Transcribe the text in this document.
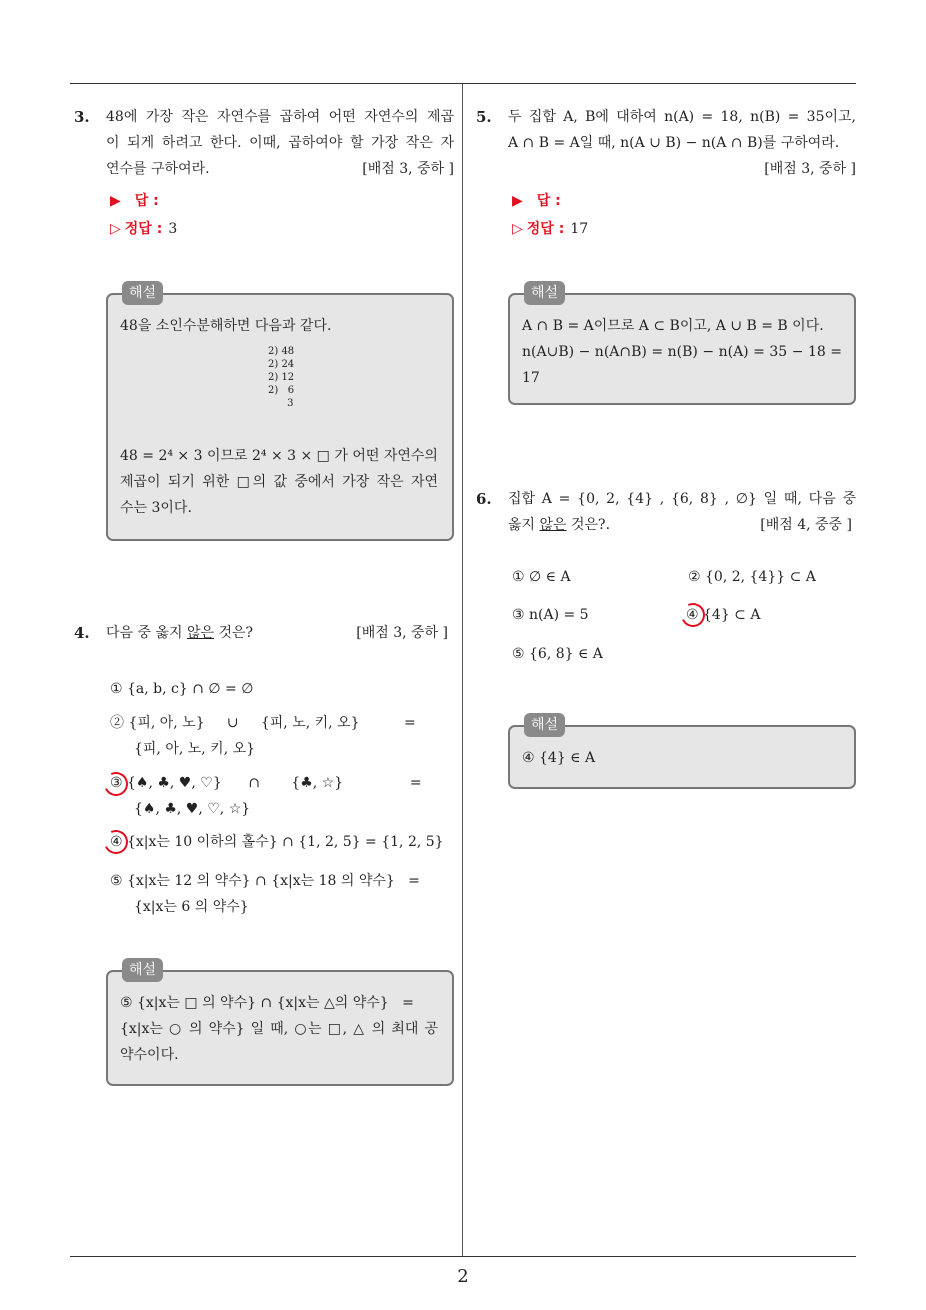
2
3. 48에 가장 작은 자연수를 곱하여 어떤 자연수의 제곱

이 되게 하려고 한다. 이때, 곱하여야 할 가장 작은 자

연수를 구하여라.	[배점 3, 중하 ]

▶ 답 :
▷ 정답 : 3
해설
48을 소인수분해하면 다음과 같다.
2) 48
2) 24
2) 12
2)   6
3
48 = 2⁴ × 3 이므로 2⁴ × 3 × □ 가 어떤 자연수의
제곱이 되기 위한 □의 값 중에서 가장 작은 자연
수는 3이다.
4. 다음 중 옳지 않은 것은?	[배점 3, 중하 ]

① {a, b, c} ∩ ∅ = ∅
② {피, 아, 노}     ∪     {피, 노, 키, 오}          =
{피, 아, 노, 키, 오}
③ {♠, ♣, ♥, ♡}      ∩       {♣, ☆}               =
{♠, ♣, ♥, ♡, ☆}
④ {x|x는 10 이하의 홀수} ∩ {1, 2, 5} = {1, 2, 5}
⑤ {x|x는 12 의 약수} ∩ {x|x는 18 의 약수}   =
{x|x는 6 의 약수}
해설
⑤ {x|x는 □ 의 약수} ∩ {x|x는 △의 약수}   =
{x|x는 ○ 의 약수} 일 때, ○는 □, △ 의 최대 공
약수이다.
5. 두 집합 A, B에 대하여 n(A) = 18, n(B) = 35이고,

A ∩ B = A일 때, n(A ∪ B) − n(A ∩ B)를 구하여라.

[배점 3, 중하 ]

▶ 답 :
▷ 정답 : 17
해설
A ∩ B = A이므로 A ⊂ B이고, A ∪ B = B 이다.
n(A∪B) − n(A∩B) = n(B) − n(A) = 35 − 18 =
17
6. 집합 A = {0, 2, {4} , {6, 8} , ∅} 일 때, 다음 중

옳지 않은 것은?.	[배점 4, 중중 ]

① ∅ ∈ A	② {0, 2, {4}} ⊂ A
③ n(A) = 5	④ {4} ⊂ A
⑤ {6, 8} ∈ A
해설
④ {4} ∈ A
